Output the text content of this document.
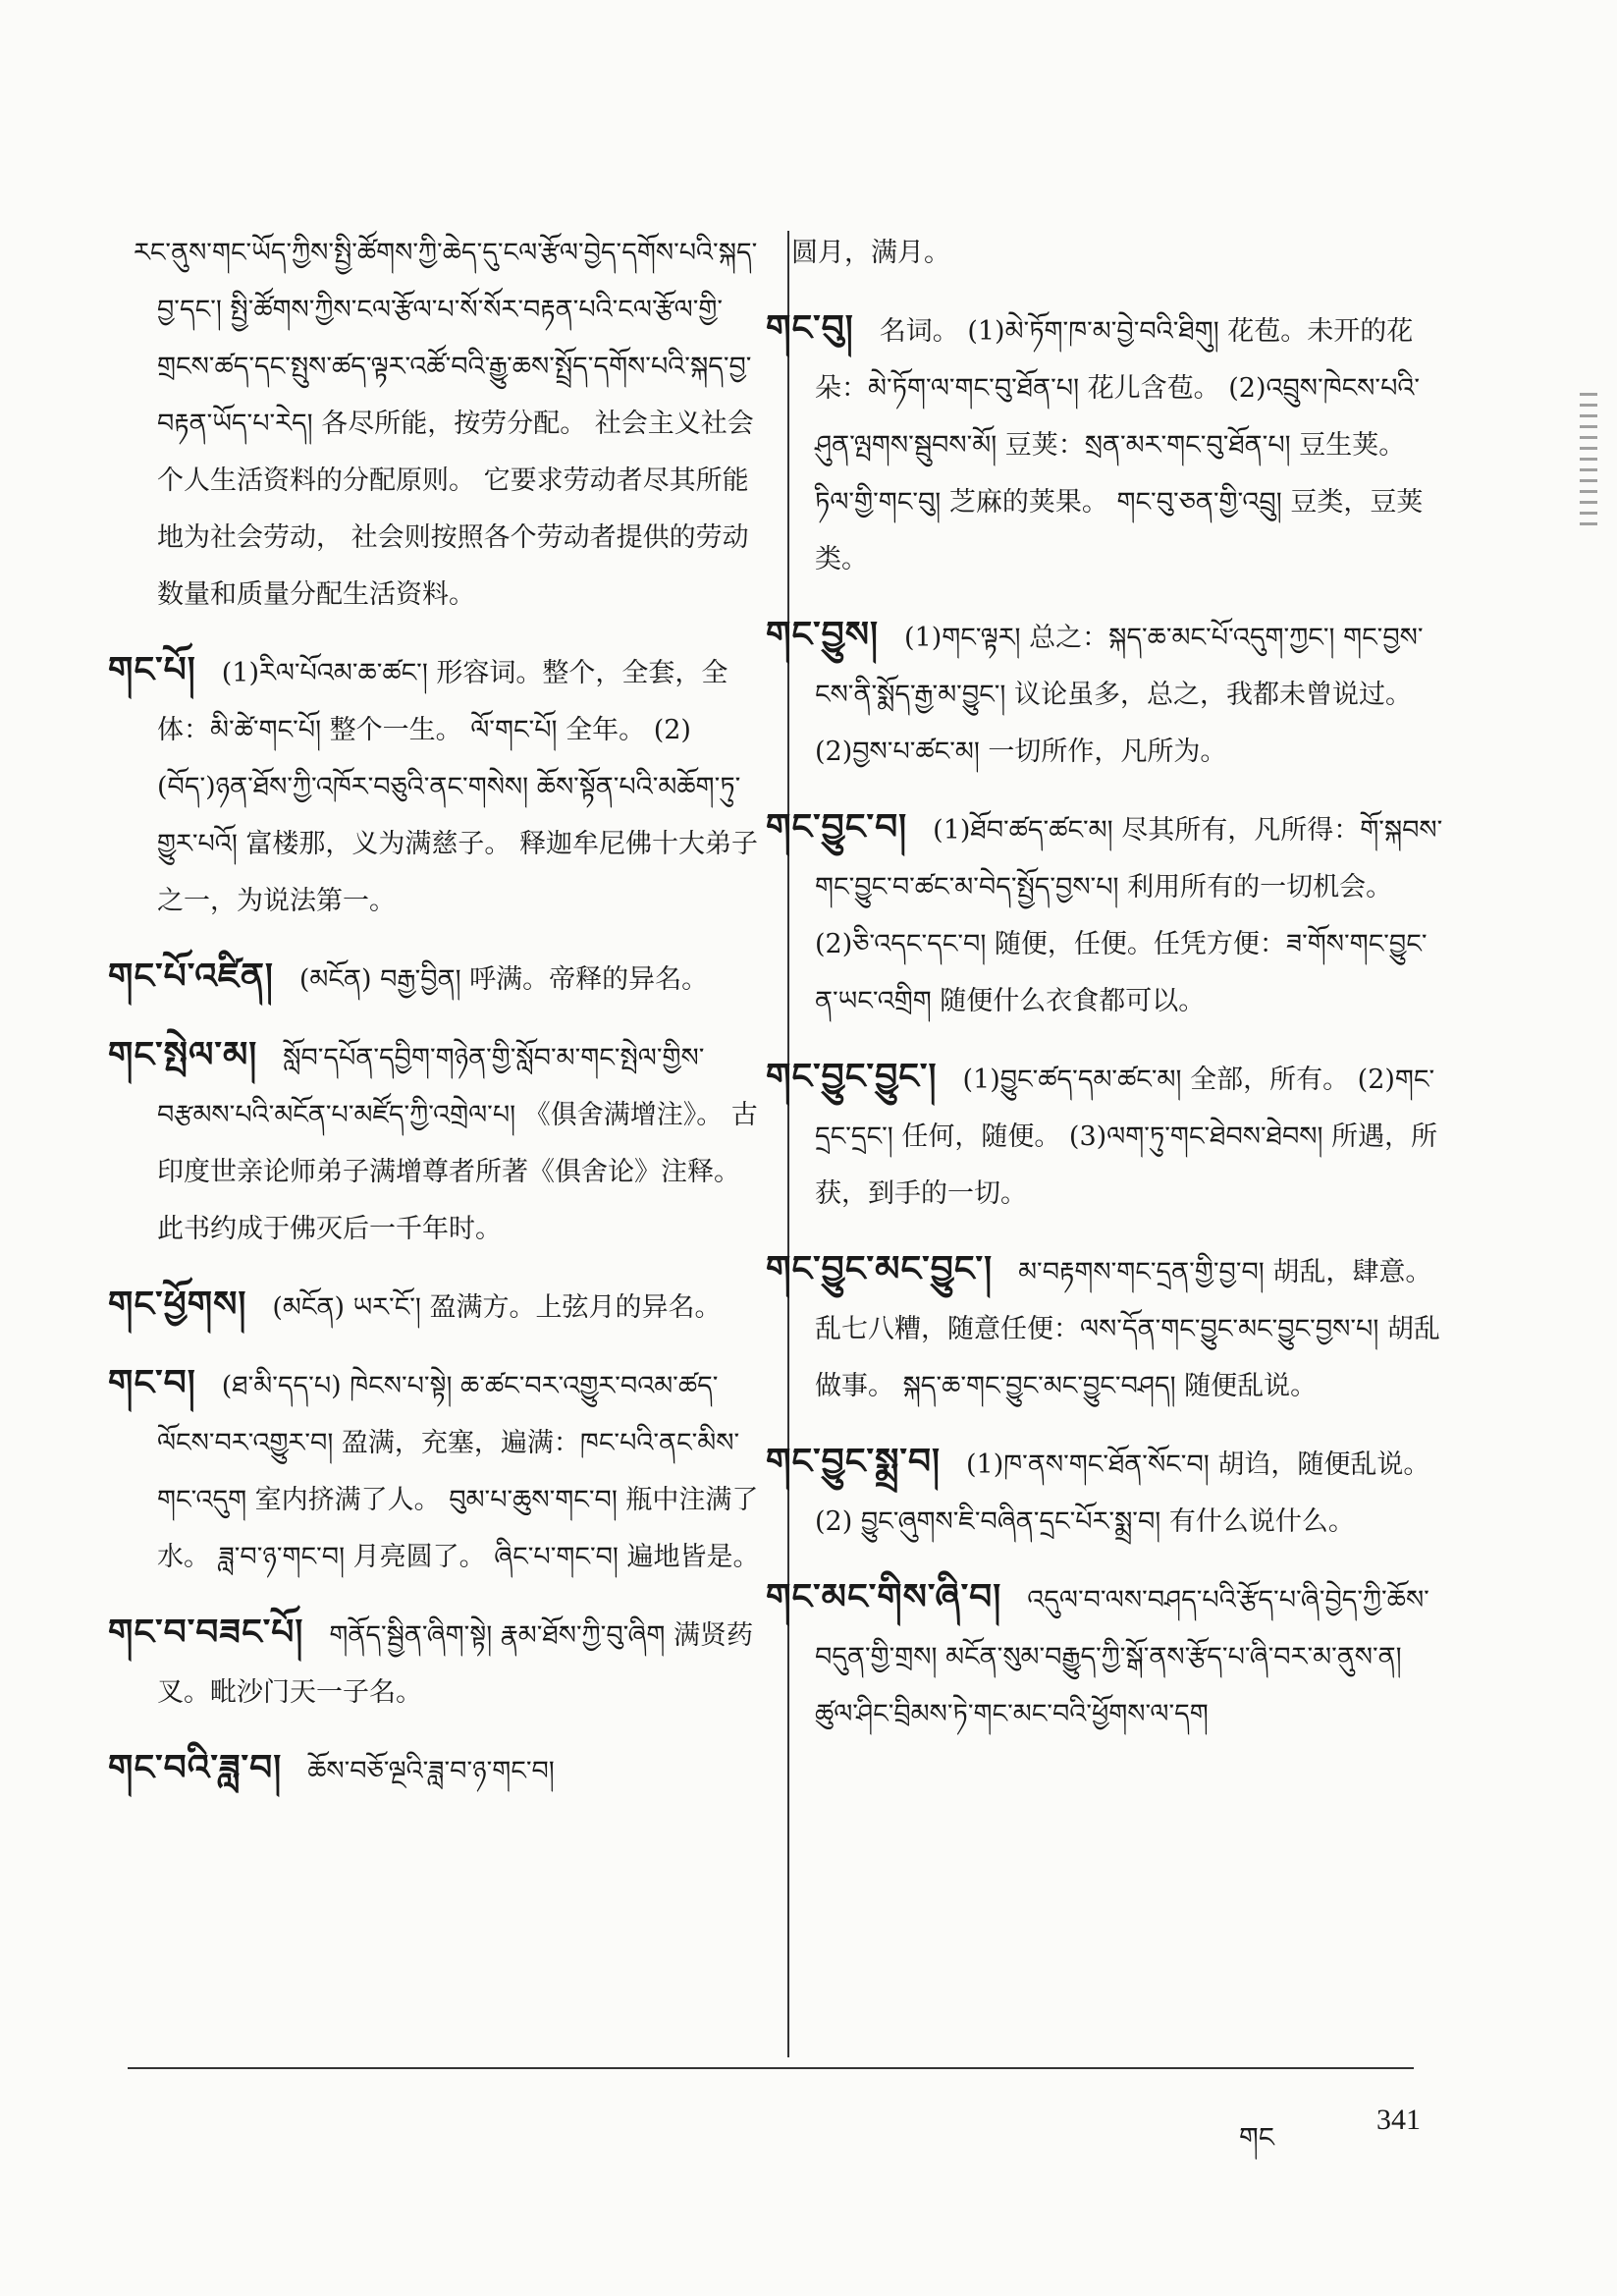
རང་ནུས་གང་ཡོད་ཀྱིས་སྤྱི་ཚོགས་ཀྱི་ཆེད་དུ་ངལ་རྩོལ་བྱེད་དགོས་པའི་སྐད་བྱ་དང་། སྤྱི་ཚོགས་ཀྱིས་ངལ་རྩོལ་པ་སོ་སོར་བརྟན་པའི་ངལ་རྩོལ་གྱི་གྲངས་ཚད་དང་སྤུས་ཚད་ལྟར་འཚོ་བའི་རྒྱུ་ཆས་སྤྲོད་དགོས་པའི་སྐད་བྱ་བརྟན་ཡོད་པ་རེད། 各尽所能，按劳分配。 社会主义社会个人生活资料的分配原则。 它要求劳动者尽其所能地为社会劳动， 社会则按照各个劳动者提供的劳动数量和质量分配生活资料。
གང་པོ། (1)རིལ་པོའམ་ཆ་ཚང་། 形容词。整个，全套，全体：མི་ཚེ་གང་པོ། 整个一生。 ལོ་གང་པོ། 全年。 (2)(བོད་)ཉན་ཐོས་ཀྱི་འཁོར་བཅུའི་ནང་གསེས། ཆོས་སྟོན་པའི་མཆོག་ཏུ་གྱུར་པའོ། 富楼那，义为满慈子。 释迦牟尼佛十大弟子之一，为说法第一。
གང་པོ་འཛིན། (མངོན) བརྒྱ་བྱིན། 呼满。帝释的异名。
གང་སྤེལ་མ། སློབ་དཔོན་དབྱིག་གཉེན་གྱི་སློབ་མ་གང་སྤེལ་གྱིས་བརྩམས་པའི་མངོན་པ་མཛོད་ཀྱི་འགྲེལ་པ། 《俱舍满增注》。 古印度世亲论师弟子满增尊者所著《俱舍论》注释。 此书约成于佛灭后一千年时。
གང་ཕྱོགས། (མངོན) ཡར་ངོ་། 盈满方。上弦月的异名。
གང་བ། (ཐ་མི་དད་པ) ཁེངས་པ་སྟེ། ཆ་ཚང་བར་འགྱུར་བའམ་ཚད་ལོངས་བར་འགྱུར་བ། 盈满，充塞，遍满：ཁང་པའི་ནང་མིས་གང་འདུག 室内挤满了人。 བུམ་པ་ཆུས་གང་བ། 瓶中注满了水。 ཟླ་བ་ཉ་གང་བ། 月亮圆了。 ཞིང་པ་གང་བ། 遍地皆是。
གང་བ་བཟང་པོ། གནོད་སྦྱིན་ཞིག་སྟེ། རྣམ་ཐོས་ཀྱི་བུ་ཞིག 满贤药叉。毗沙门天一子名。
གང་བའི་ཟླ་བ། ཆོས་བཅོ་ལྔའི་ཟླ་བ་ཉ་གང་བ།
圆月，满月。
གང་བུ། 名词。 (1)མེ་ཏོག་ཁ་མ་བྱེ་བའི་ཐིགུ། 花苞。未开的花朵：མེ་ཏོག་ལ་གང་བུ་ཐོན་པ། 花儿含苞。 (2)འབྲུས་ཁེངས་པའི་ཤུན་ལྤགས་སྦུབས་མོ། 豆荚：སྲན་མར་གང་བུ་ཐོན་པ། 豆生荚。 ཏིལ་གྱི་གང་བུ། 芝麻的荚果。 གང་བུ་ཅན་གྱི་འབྲུ། 豆类，豆荚类。
གང་བྱུས། (1)གང་ལྟར། 总之：སྐད་ཆ་མང་པོ་འདུག་ཀྱང་། གང་བྱས་ངས་ནི་སྨོད་རྒྱ་མ་བྱུང་། 议论虽多，总之，我都未曾说过。 (2)བྱས་པ་ཚང་མ། 一切所作，凡所为。
གང་བྱུང་བ། (1)ཐོབ་ཚད་ཚང་མ། 尽其所有，凡所得：གོ་སྐབས་གང་བྱུང་བ་ཚང་མ་བེད་སྤྱོད་བྱས་པ། 利用所有的一切机会。 (2)ཅི་འདང་དང་བ། 随便，任便。任凭方便：ཟ་གོས་གང་བྱུང་ན་ཡང་འགྲིག 随便什么衣食都可以。
གང་བྱུང་བྱུང་། (1)བྱུང་ཚད་དམ་ཚང་མ། 全部，所有。 (2)གང་དྲང་དྲང་། 任何，随便。 (3)ལག་ཏུ་གང་ཐེབས་ཐེབས། 所遇，所获，到手的一切。
གང་བྱུང་མང་བྱུང་། མ་བརྟགས་གང་དྲན་གྱི་བྱ་བ། 胡乱，肆意。乱七八糟，随意任便：ལས་དོན་གང་བྱུང་མང་བྱུང་བྱས་པ། 胡乱做事。 སྐད་ཆ་གང་བྱུང་མང་བྱུང་བཤད། 随便乱说。
གང་བྱུང་སྨྲ་བ། (1)ཁ་ནས་གང་ཐོན་སོང་བ། 胡诌，随便乱说。 (2) བྱུང་ཞུགས་ཇི་བཞིན་དྲང་པོར་སྨྲ་བ། 有什么说什么。
གང་མང་གིས་ཞི་བ། འདུལ་བ་ལས་བཤད་པའི་རྩོད་པ་ཞི་བྱེད་ཀྱི་ཆོས་བདུན་གྱི་གྲས། མངོན་སུམ་བརྒྱུད་ཀྱི་སྒོ་ནས་རྩོད་པ་ཞི་བར་མ་ནུས་ན། ཚུལ་ཤིང་བྲིམས་ཏེ་གང་མང་བའི་ཕྱོགས་ལ་དག
གང
341
